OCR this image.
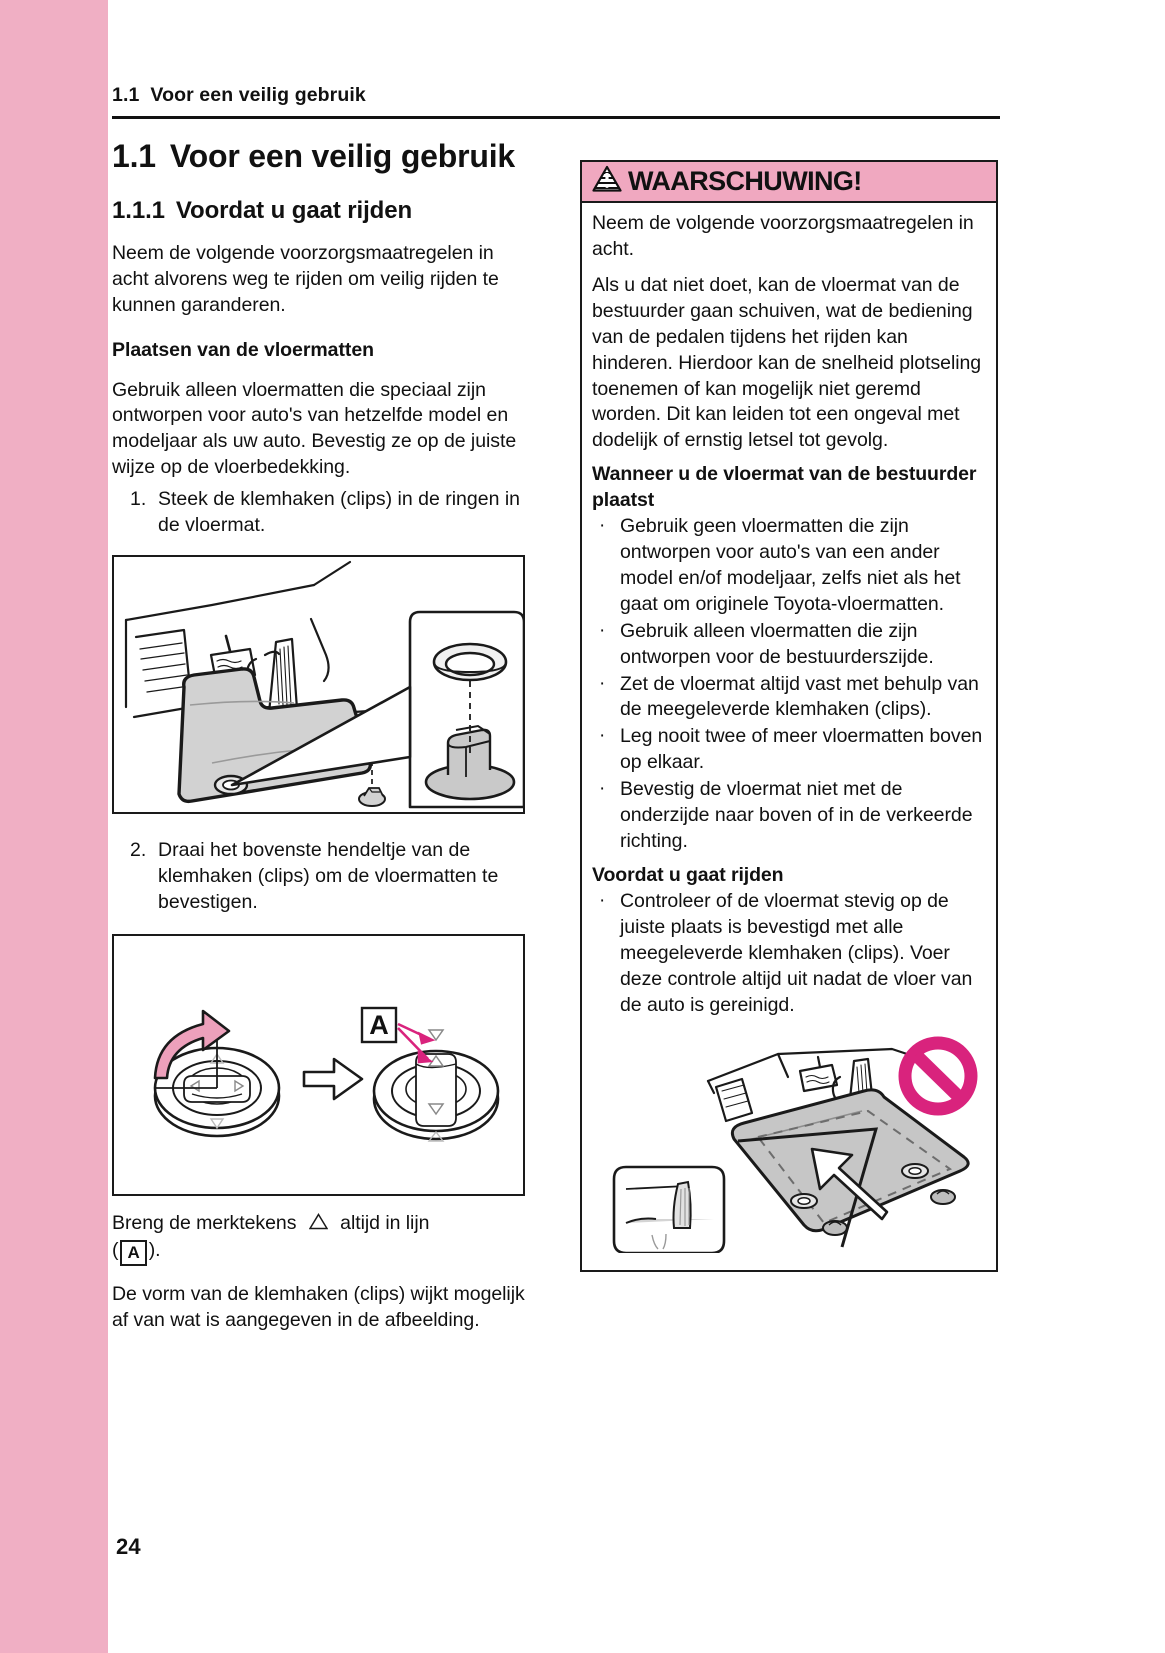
1.1 Voor een veilig gebruik
1.1 Voor een veilig gebruik
1.1.1 Voordat u gaat rijden

Neem de volgende voorzorgsmaatregelen in acht alvorens weg te rijden om veilig rijden te kunnen garanderen.

Plaatsen van de vloermatten

Gebruik alleen vloermatten die speciaal zijn ontworpen voor auto's van hetzelfde model en modeljaar als uw auto. Bevestig ze op de juiste wijze op de vloerbedekking.

1. Steek de klemhaken (clips) in de ringen in de vloermat.
2. Draai het bovenste hendeltje van de klemhaken (clips) om de vloermatten te bevestigen.
A

Breng de merktekens altijd in lijn
( A ).

De vorm van de klemhaken (clips) wijkt mogelijk af van wat is aangegeven in de afbeelding.

WAARSCHUWING!

Neem de volgende voorzorgsmaatregelen in acht.

Als u dat niet doet, kan de vloermat van de bestuurder gaan schuiven, wat de bediening van de pedalen tijdens het rijden kan hinderen. Hierdoor kan de snelheid plotseling toenemen of kan mogelijk niet geremd worden. Dit kan leiden tot een ongeval met dodelijk of ernstig letsel tot gevolg.

Wanneer u de vloermat van de bestuurder plaatst
· Gebruik geen vloermatten die zijn ontworpen voor auto's van een ander model en/of modeljaar, zelfs niet als het gaat om originele Toyota-vloermatten.
· Gebruik alleen vloermatten die zijn ontworpen voor de bestuurderszijde.
· Zet de vloermat altijd vast met behulp van de meegeleverde klemhaken (clips).
· Leg nooit twee of meer vloermatten boven op elkaar.
· Bevestig de vloermat niet met de onderzijde naar boven of in de verkeerde richting.
Voordat u gaat rijden
· Controleer of de vloermat stevig op de juiste plaats is bevestigd met alle meegeleverde klemhaken (clips). Voer deze controle altijd uit nadat de vloer van de auto is gereinigd.
24
